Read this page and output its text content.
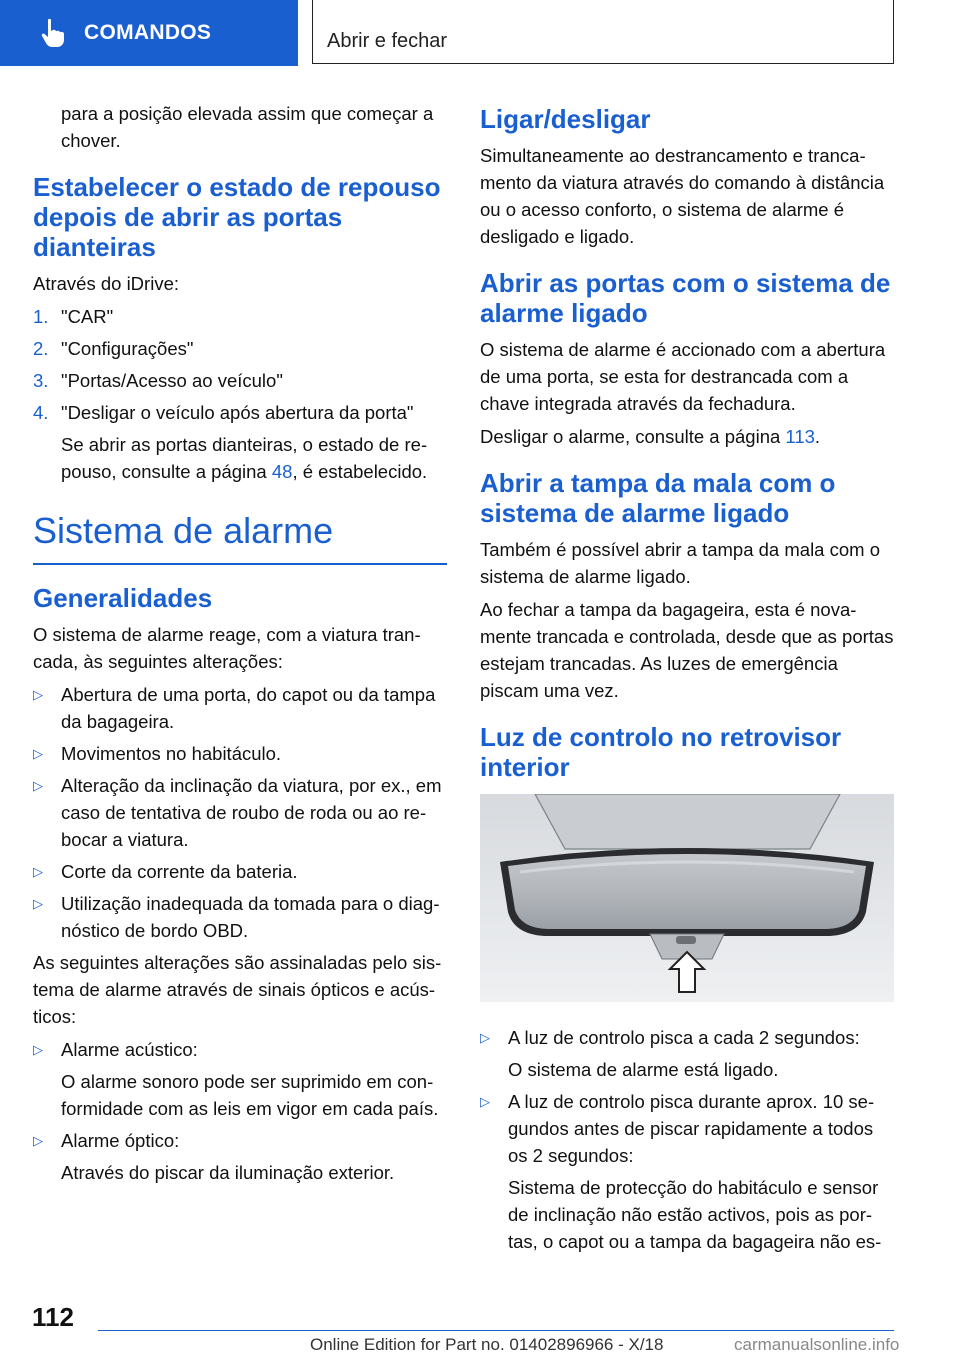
COMANDOS	Abrir e fechar

para a posição elevada assim que começar a chover.

Estabelecer o estado de repouso depois de abrir as portas dianteiras

Através do iDrive:

1. "CAR"
2. "Configurações"
3. "Portas/Acesso ao veículo"
4. "Desligar o veículo após abertura da porta"

Se abrir as portas dianteiras, o estado de repouso, consulte a página 48, é estabelecido.

Sistema de alarme
Generalidades

O sistema de alarme reage, com a viatura trancada, às seguintes alterações:

▷ Abertura de uma porta, do capot ou da tampa da bagageira.
▷ Movimentos no habitáculo.
▷ Alteração da inclinação da viatura, por ex., em caso de tentativa de roubo de roda ou ao rebocar a viatura.
▷ Corte da corrente da bateria.
▷ Utilização inadequada da tomada para o diagnóstico de bordo OBD.

As seguintes alterações são assinaladas pelo sistema de alarme através de sinais ópticos e acústicos:

▷ Alarme acústico:

O alarme sonoro pode ser suprimido em conformidade com as leis em vigor em cada país.

▷ Alarme óptico:

Através do piscar da iluminação exterior.

Ligar/desligar

Simultaneamente ao destrancamento e trancamento da viatura através do comando à distância ou o acesso conforto, o sistema de alarme é desligado e ligado.

Abrir as portas com o sistema de alarme ligado

O sistema de alarme é accionado com a abertura de uma porta, se esta for destrancada com a chave integrada através da fechadura.

Desligar o alarme, consulte a página 113.

Abrir a tampa da mala com o sistema de alarme ligado

Também é possível abrir a tampa da mala com o sistema de alarme ligado.

Ao fechar a tampa da bagageira, esta é novamente trancada e controlada, desde que as portas estejam trancadas. As luzes de emergência piscam uma vez.

Luz de controlo no retrovisor interior
▷ A luz de controlo pisca a cada 2 segundos:

O sistema de alarme está ligado.

▷ A luz de controlo pisca durante aprox. 10 segundos antes de piscar rapidamente a todos os 2 segundos:

Sistema de protecção do habitáculo e sensor de inclinação não estão activos, pois as portas, o capot ou a tampa da bagageira não es-

112
Online Edition for Part no. 01402896966 - X/18	carmanualsonline.info
